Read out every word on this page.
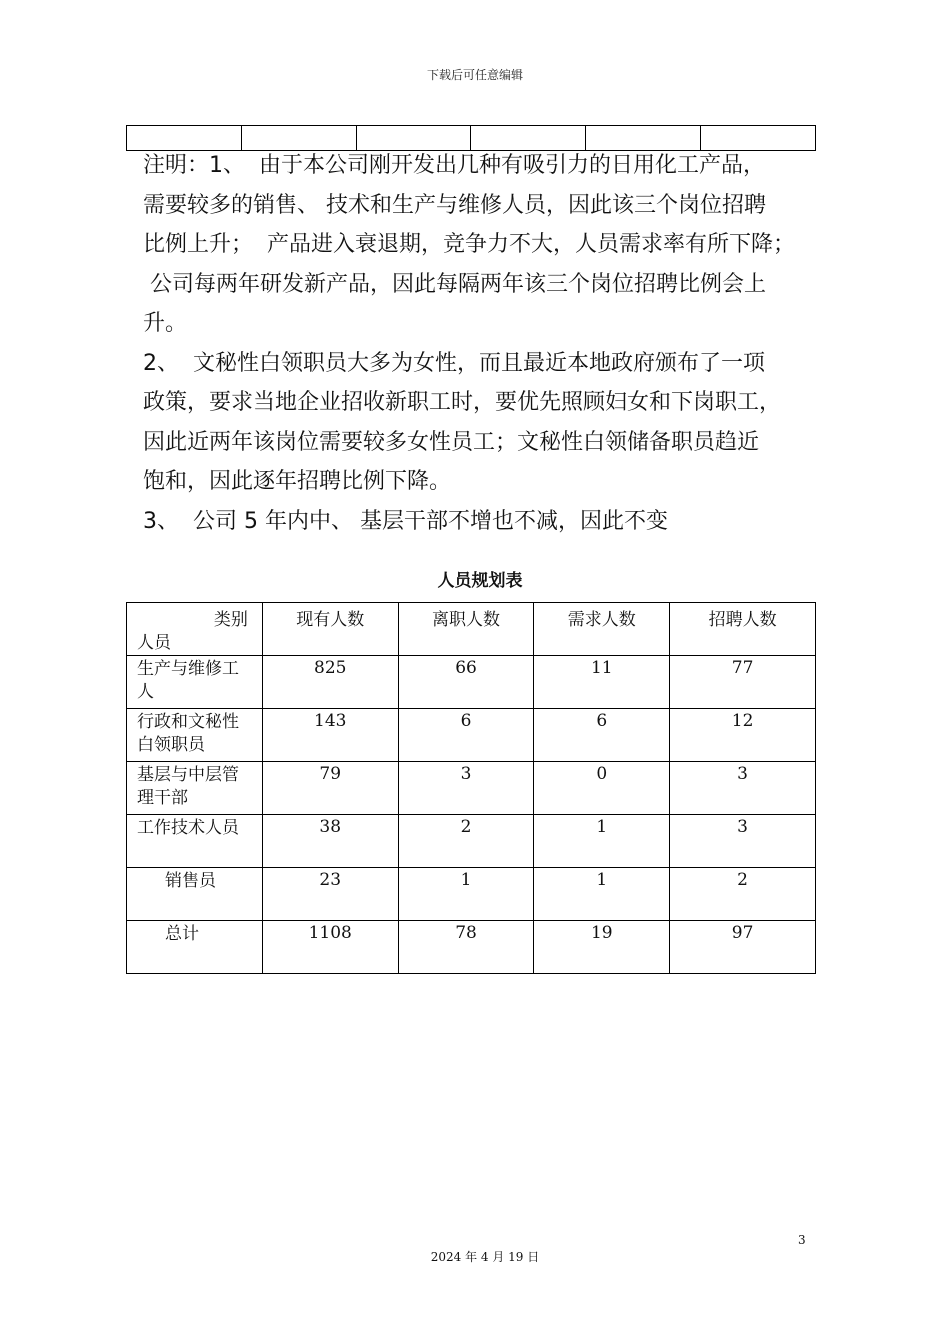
下载后可任意编辑

注明：1、  由于本公司刚开发出几种有吸引力的日用化工产品，

需要较多的销售、 技术和生产与维修人员，因此该三个岗位招聘

比例上升；  产品进入衰退期，竞争力不大，人员需求率有所下降；

公司每两年研发新产品，因此每隔两年该三个岗位招聘比例会上

升。

2、  文秘性白领职员大多为女性，而且最近本地政府颁布了一项

政策，要求当地企业招收新职工时，要优先照顾妇女和下岗职工，

因此近两年该岗位需要较多女性员工；文秘性白领储备职员趋近

饱和，因此逐年招聘比例下降。

3、  公司 5 年内中、 基层干部不增也不减，因此不变

人员规划表
类别
人员	现有人数	离职人数	需求人数	招聘人数
生产与维修工人	825	66	11	77
行政和文秘性白领职员	143	6	6	12
基层与中层管理干部	79	3	0	3
工作技术人员	38	2	1	3
销售员	23	1	1	2
总计	1108	78	19	97
3
2024 年 4 月 19 日
